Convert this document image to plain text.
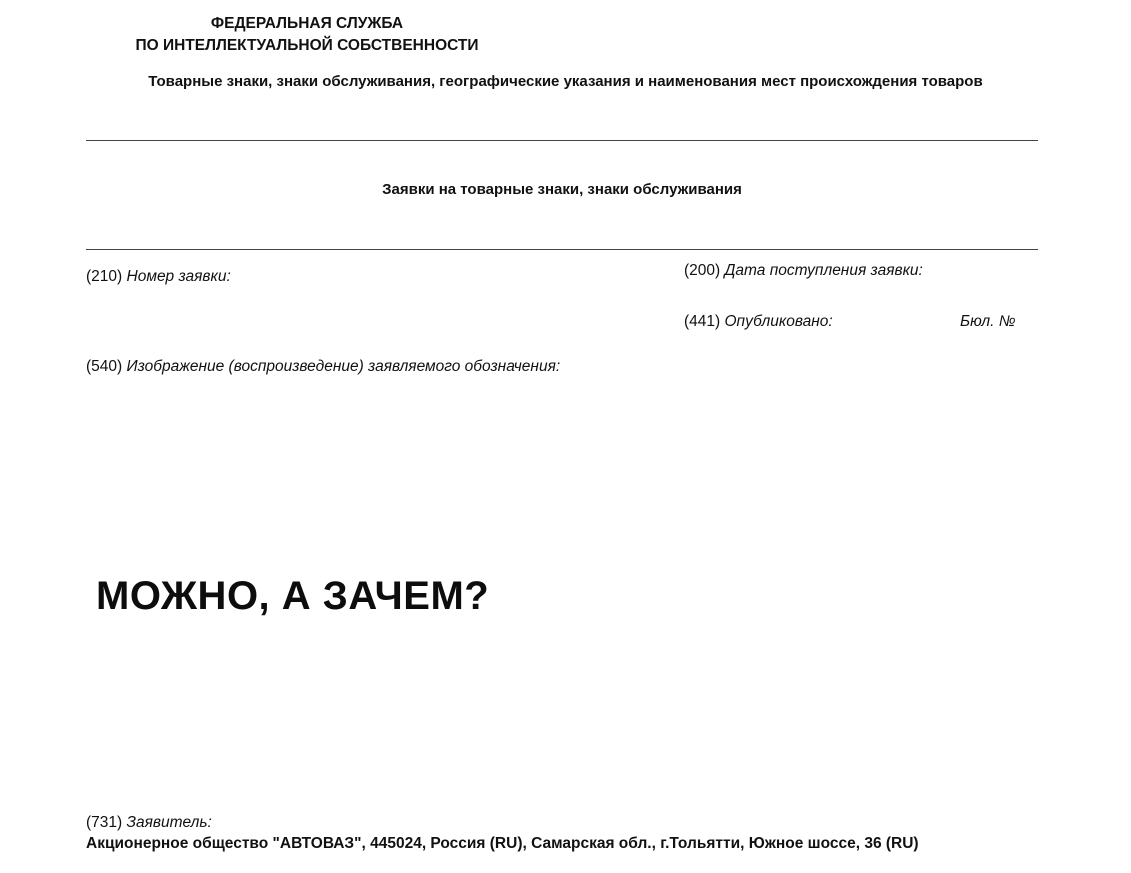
ФЕДЕРАЛЬНАЯ СЛУЖБА
ПО ИНТЕЛЛЕКТУАЛЬНОЙ СОБСТВЕННОСТИ
Товарные знаки, знаки обслуживания, географические указания и наименования мест происхождения товаров
Заявки на товарные знаки, знаки обслуживания
(210) Номер заявки:	(200) Дата поступления заявки:
(441) Опубликовано:	Бюл. №
(540) Изображение (воспроизведение) заявляемого обозначения:
МОЖНО, А ЗАЧЕМ?
(731) Заявитель:
Акционерное общество "АВТОВАЗ", 445024, Россия (RU), Самарская обл., г.Тольятти, Южное шоссе, 36 (RU)
